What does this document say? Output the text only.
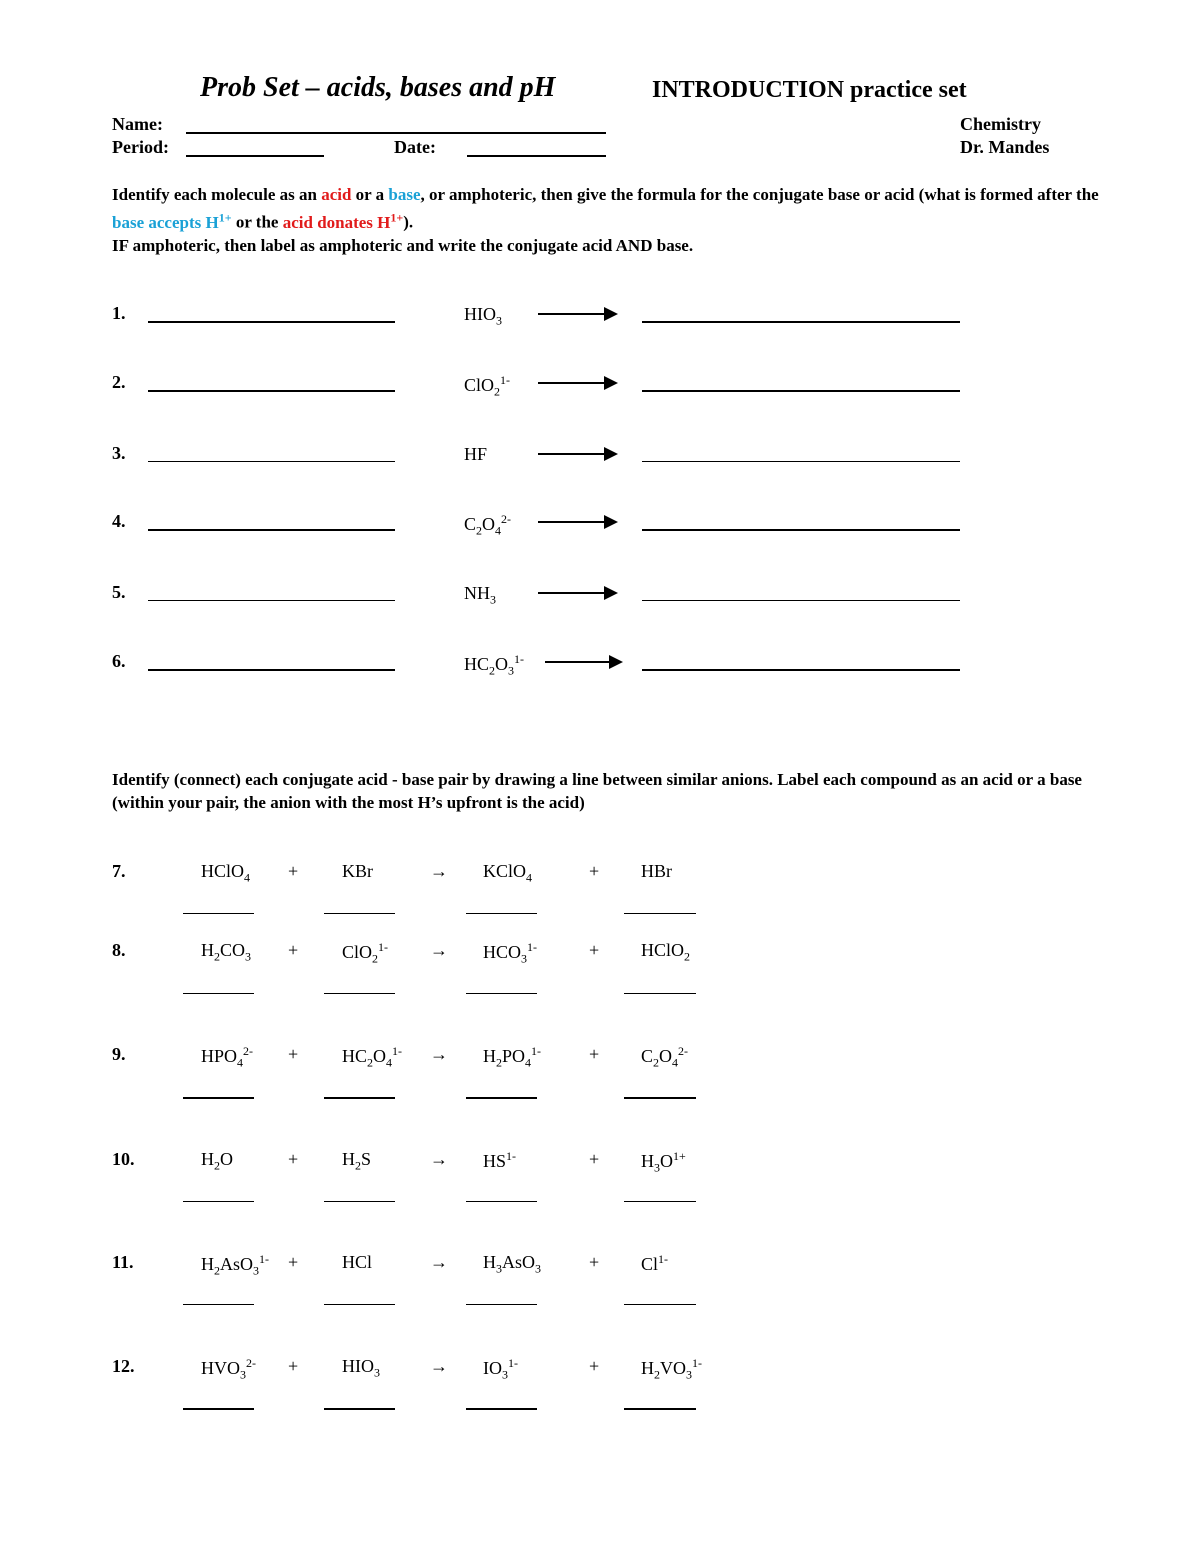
Prob Set – acids, bases and pH	INTRODUCTION practice set
Name:
Period:	Date:
Chemistry
Dr. Mandes
Identify each molecule as an acid or a base, or amphoteric, then give the formula for the conjugate base or acid (what is formed after the base accepts $H^{1+}$ or the acid donates $H^{1+}$).
IF amphoteric, then label as amphoteric and write the conjugate acid AND base.
1.	$HIO_3$
2.	ClO$_2^{1-}$
3.	HF
4.	$C_2O_4^{2-}$
5.	$NH_3$
6.	$HC_2O_3^{1-}$
Identify (connect) each conjugate acid - base pair by drawing a line between similar anions. Label each compound as an acid or a base (within your pair, the anion with the most H’s upfront is the acid)
7.	HClO$_4$ + KBr	→ KClO$_4$	+ HBr
8.	$H_2CO_3 + ClO_2^{1-} \to HCO_3^{1-}$	+ HClO$_2$
9.	$HPO_4^{2-} + HC_2O_4^{1-} \to H_2PO_4^{1-}$	+ $C_2O_4^{2-}$
10.	$H_2O$	+ $H_2S$	→ $HS^{1-}$	+ $H_3O^{1+}$
11.	$H_2AsO_3^{1-}$ + HCl	→ $H_3AsO_3$	+ $Cl^{1-}$
12.	$HVO_3^{2-} + HIO_3$	→ $IO_3^{1-}$	+ $H_2VO_3^{1-}$
